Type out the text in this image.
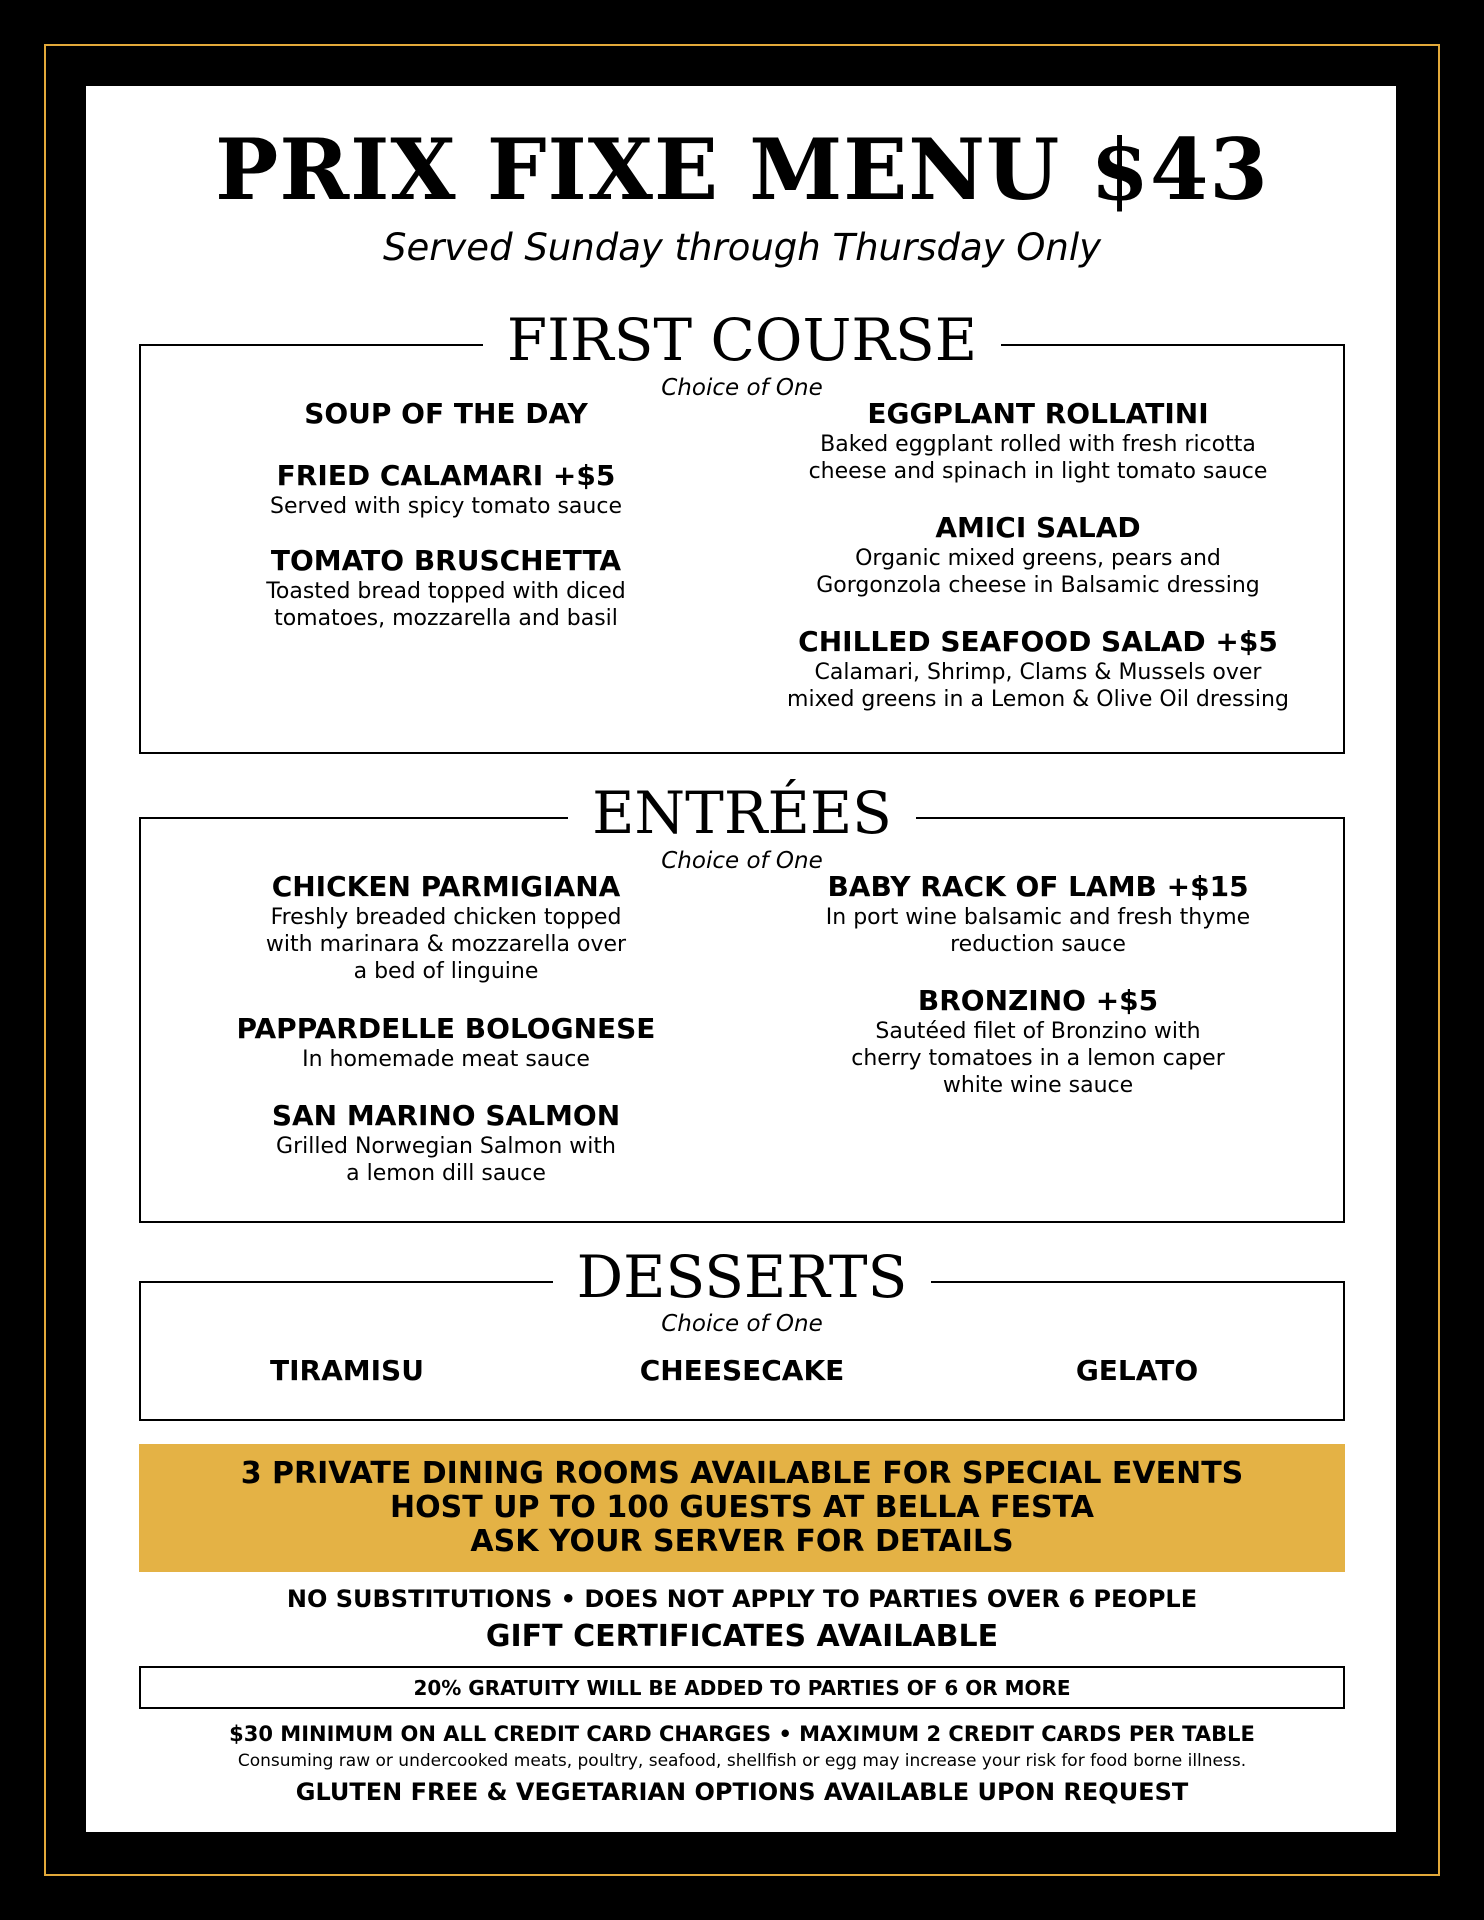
PRIX FIXE MENU $43
Served Sunday through Thursday Only
FIRST COURSE
Choice of One
SOUP OF THE DAY
FRIED CALAMARI +$5
Served with spicy tomato sauce
TOMATO BRUSCHETTA
Toasted bread topped with diced
tomatoes, mozzarella and basil
EGGPLANT ROLLATINI
Baked eggplant rolled with fresh ricotta
cheese and spinach in light tomato sauce
AMICI SALAD
Organic mixed greens, pears and
Gorgonzola cheese in Balsamic dressing
CHILLED SEAFOOD SALAD +$5
Calamari, Shrimp, Clams & Mussels over
mixed greens in a Lemon & Olive Oil dressing
ENTRÉES
Choice of One
CHICKEN PARMIGIANA
Freshly breaded chicken topped
with marinara & mozzarella over
a bed of linguine
PAPPARDELLE BOLOGNESE
In homemade meat sauce
SAN MARINO SALMON
Grilled Norwegian Salmon with
a lemon dill sauce
BABY RACK OF LAMB +$15
In port wine balsamic and fresh thyme
reduction sauce
BRONZINO +$5
Sautéed filet of Bronzino with
cherry tomatoes in a lemon caper
white wine sauce
DESSERTS
Choice of One
TIRAMISU	CHEESECAKE	GELATO
3 PRIVATE DINING ROOMS AVAILABLE FOR SPECIAL EVENTS
HOST UP TO 100 GUESTS AT BELLA FESTA
ASK YOUR SERVER FOR DETAILS
NO SUBSTITUTIONS • DOES NOT APPLY TO PARTIES OVER 6 PEOPLE
GIFT CERTIFICATES AVAILABLE
20% GRATUITY WILL BE ADDED TO PARTIES OF 6 OR MORE
$30 MINIMUM ON ALL CREDIT CARD CHARGES • MAXIMUM 2 CREDIT CARDS PER TABLE
Consuming raw or undercooked meats, poultry, seafood, shellfish or egg may increase your risk for food borne illness.
GLUTEN FREE & VEGETARIAN OPTIONS AVAILABLE UPON REQUEST
